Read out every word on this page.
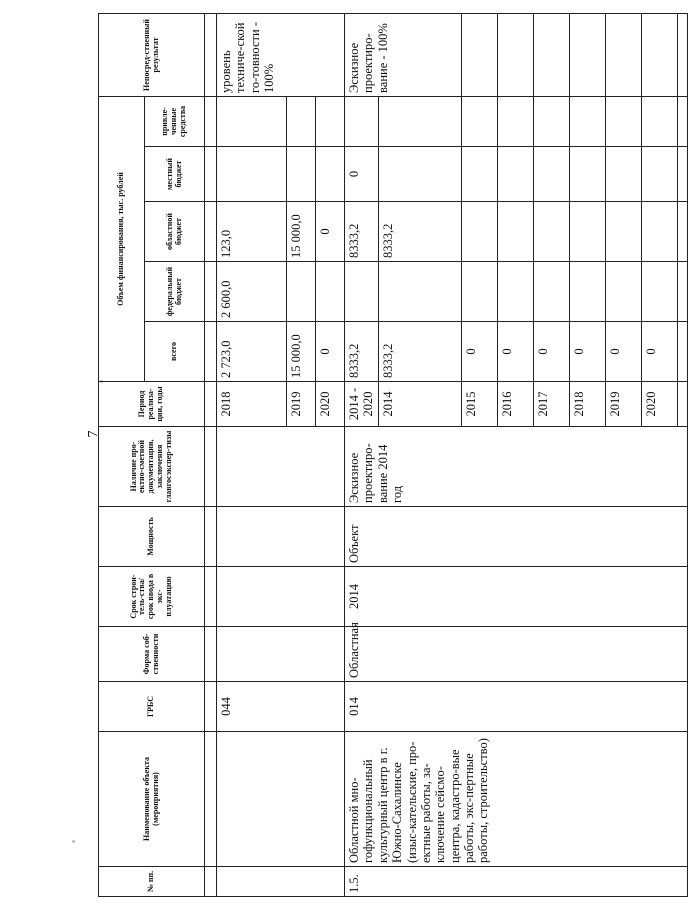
7
№ пп.	Наименование объекта (мероприятия)	ГРБС	Форма соб-ственности	Срок строи-тель-ства/срок ввода в экс-плуатацию	Мощность	Наличие про-ектно-сметной документации, заключения главгосэкспер-тизы	Период реализа-ции, годы	Объем финансирования, тыс. рублей					Непосред-ственный результат
								всего	федеральный бюджет	областной бюджет	местный бюджет	привле-ченные средства	

		044					2018	2 723,0	2 600,0	123,0			уровень техниче-ской го-товности - 100%
							2019	15 000,0		15 000,0			
							2020	0		0			
1.5.	Областной мно-гофункциональный культурный центр в г. Южно-Сахалинске (изыс-кательские, про-ектные работы, за-ключение сейсмо-центра, кадастро-вые работы, экс-пертные работы, строительство)	014	Областная	2014	Объект	Эскизное проектиро-вание 2014 год	2014 - 2020	8333,2		8333,2	0		Эскизное проектиро-вание - 100%
							2014	8333,2		8333,2			
							2015	0					
							2016	0					
							2017	0					
							2018	0					
							2019	0					
							2020	0					
